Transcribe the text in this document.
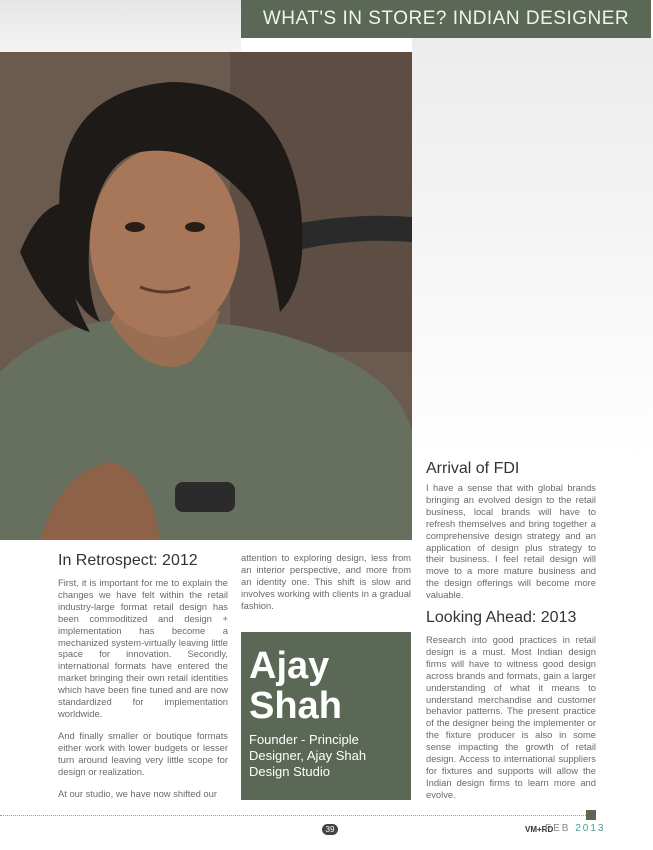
WHAT'S IN STORE? INDIAN DESIGNER
In Retrospect: 2012

First, it is important for me to explain the changes we have felt within the retail industry-large format retail design has been commoditized and design + implementation has become a mechanized system-virtually leaving little space for innovation. Secondly, international formats have entered the market bringing their own retail identities which have been fine tuned and are now standardized for implementation worldwide.

And finally smaller or boutique formats either work with lower budgets or lesser turn around leaving very little scope for design or realization.

At our studio, we have now shifted our

attention to exploring design, less from an interior perspective, and more from an identity one. This shift is slow and involves working with clients in a gradual fashion.

Ajay
Shah
Founder - Principle Designer, Ajay Shah Design Studio
Arrival of FDI

I have a sense that with global brands bringing an evolved design to the retail business, local brands will have to refresh themselves and bring together a comprehensive design strategy and an application of design plus strategy to their business. I feel retail design will move to a more mature business and the design offerings will become more valuable.

Looking Ahead: 2013

Research into good practices in retail design is a must. Most Indian design firms will have to witness good design across brands and formats, gain a larger understanding of what it means to understand merchandise and customer behavior patterns. The present practice of the designer being the implementer or the fixture producer is also in some sense impacting the growth of retail design. Access to international suppliers for fixtures and supports will allow the Indian design firms to learn more and evolve.

39	VM+RD
FEB 2013
